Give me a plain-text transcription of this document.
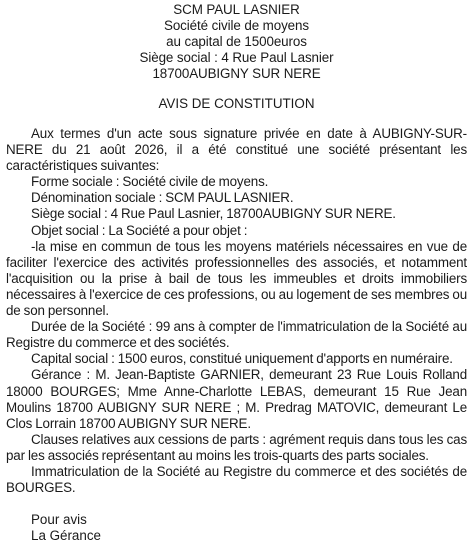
SCM PAUL LASNIER
Société civile de moyens
au capital de 1500euros
Siège social : 4 Rue Paul Lasnier
18700AUBIGNY SUR NERE
AVIS DE CONSTITUTION

Aux termes d'un acte sous signature privée en date à AUBIGNY-SUR-NERE du 21 août 2026, il a été constitué une société présentant les caractéristiques suivantes:

Forme sociale : Société civile de moyens.

Dénomination sociale : SCM PAUL LASNIER.

Siège social : 4 Rue Paul Lasnier, 18700AUBIGNY SUR NERE.

Objet social : La Société a pour objet :

-la mise en commun de tous les moyens matériels nécessaires en vue de faciliter l'exercice des activités professionnelles des associés, et notamment l'acquisition ou la prise à bail de tous les immeubles et droits immobiliers nécessaires à l'exercice de ces professions, ou au logement de ses membres ou de son personnel.

Durée de la Société : 99 ans à compter de l'immatriculation de la Société au Registre du commerce et des sociétés.

Capital social : 1500 euros, constitué uniquement d'apports en numéraire.

Gérance : M. Jean-Baptiste GARNIER, demeurant 23 Rue Louis Rolland 18000 BOURGES; Mme Anne-Charlotte LEBAS, demeurant 15 Rue Jean Moulins 18700 AUBIGNY SUR NERE ; M. Predrag MATOVIC, demeurant Le Clos Lorrain 18700 AUBIGNY SUR NERE.

Clauses relatives aux cessions de parts : agrément requis dans tous les cas par les associés représentant au moins les trois-quarts des parts sociales.

Immatriculation de la Société au Registre du commerce et des sociétés de BOURGES.

Pour avis
La Gérance
